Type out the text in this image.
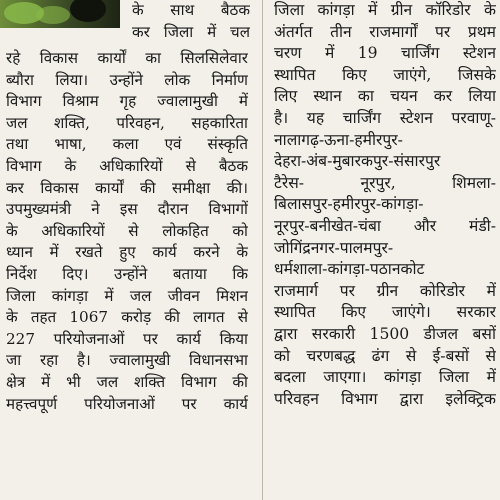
के साथ बैठक
कर जिला में चल
रहे विकास कार्यों का सिलसिलेवार
ब्यौरा लिया। उन्होंने लोक निर्माण
विभाग विश्राम गृह ज्वालामुखी में
जल शक्ति, परिवहन, सहकारिता
तथा भाषा, कला एवं संस्कृति
विभाग के अधिकारियों से बैठक
कर विकास कार्यों की समीक्षा की।
उपमुख्यमंत्री ने इस दौरान विभागों
के अधिकारियों से लोकहित को
ध्यान में रखते हुए कार्य करने के
निर्देश दिए। उन्होंने बताया कि
जिला कांगड़ा में जल जीवन मिशन
के तहत 1067 करोड़ की लागत से
227 परियोजनाओं पर कार्य किया
जा रहा है। ज्वालामुखी विधानसभा
क्षेत्र में भी जल शक्ति विभाग की
महत्त्वपूर्ण परियोजनाओं पर कार्य
जिला कांगड़ा में ग्रीन कॉरिडोर के
अंतर्गत तीन राजमार्गों पर प्रथम
चरण में 19 चार्जिंग स्टेशन
स्थापित किए जाएंगे, जिसके
लिए स्थान का चयन कर लिया
है। यह चार्जिंग स्टेशन परवाणू-
नालागढ़-ऊना-हमीरपुर-
देहरा-अंब-मुबारकपुर-संसारपुर
टैरेस- नूरपुर, शिमला-
बिलासपुर-हमीरपुर-कांगड़ा-
नूरपुर-बनीखेत-चंबा और मंडी-
जोगिंद्रनगर-पालमपुर-
धर्मशाला-कांगड़ा-पठानकोट
राजमार्ग पर ग्रीन कोरिडोर में
स्थापित किए जाएंगे। सरकार
द्वारा सरकारी 1500 डीजल बसों
को चरणबद्ध ढंग से ई-बसों से
बदला जाएगा। कांगड़ा जिला में
परिवहन विभाग द्वारा इलेक्ट्रिक
